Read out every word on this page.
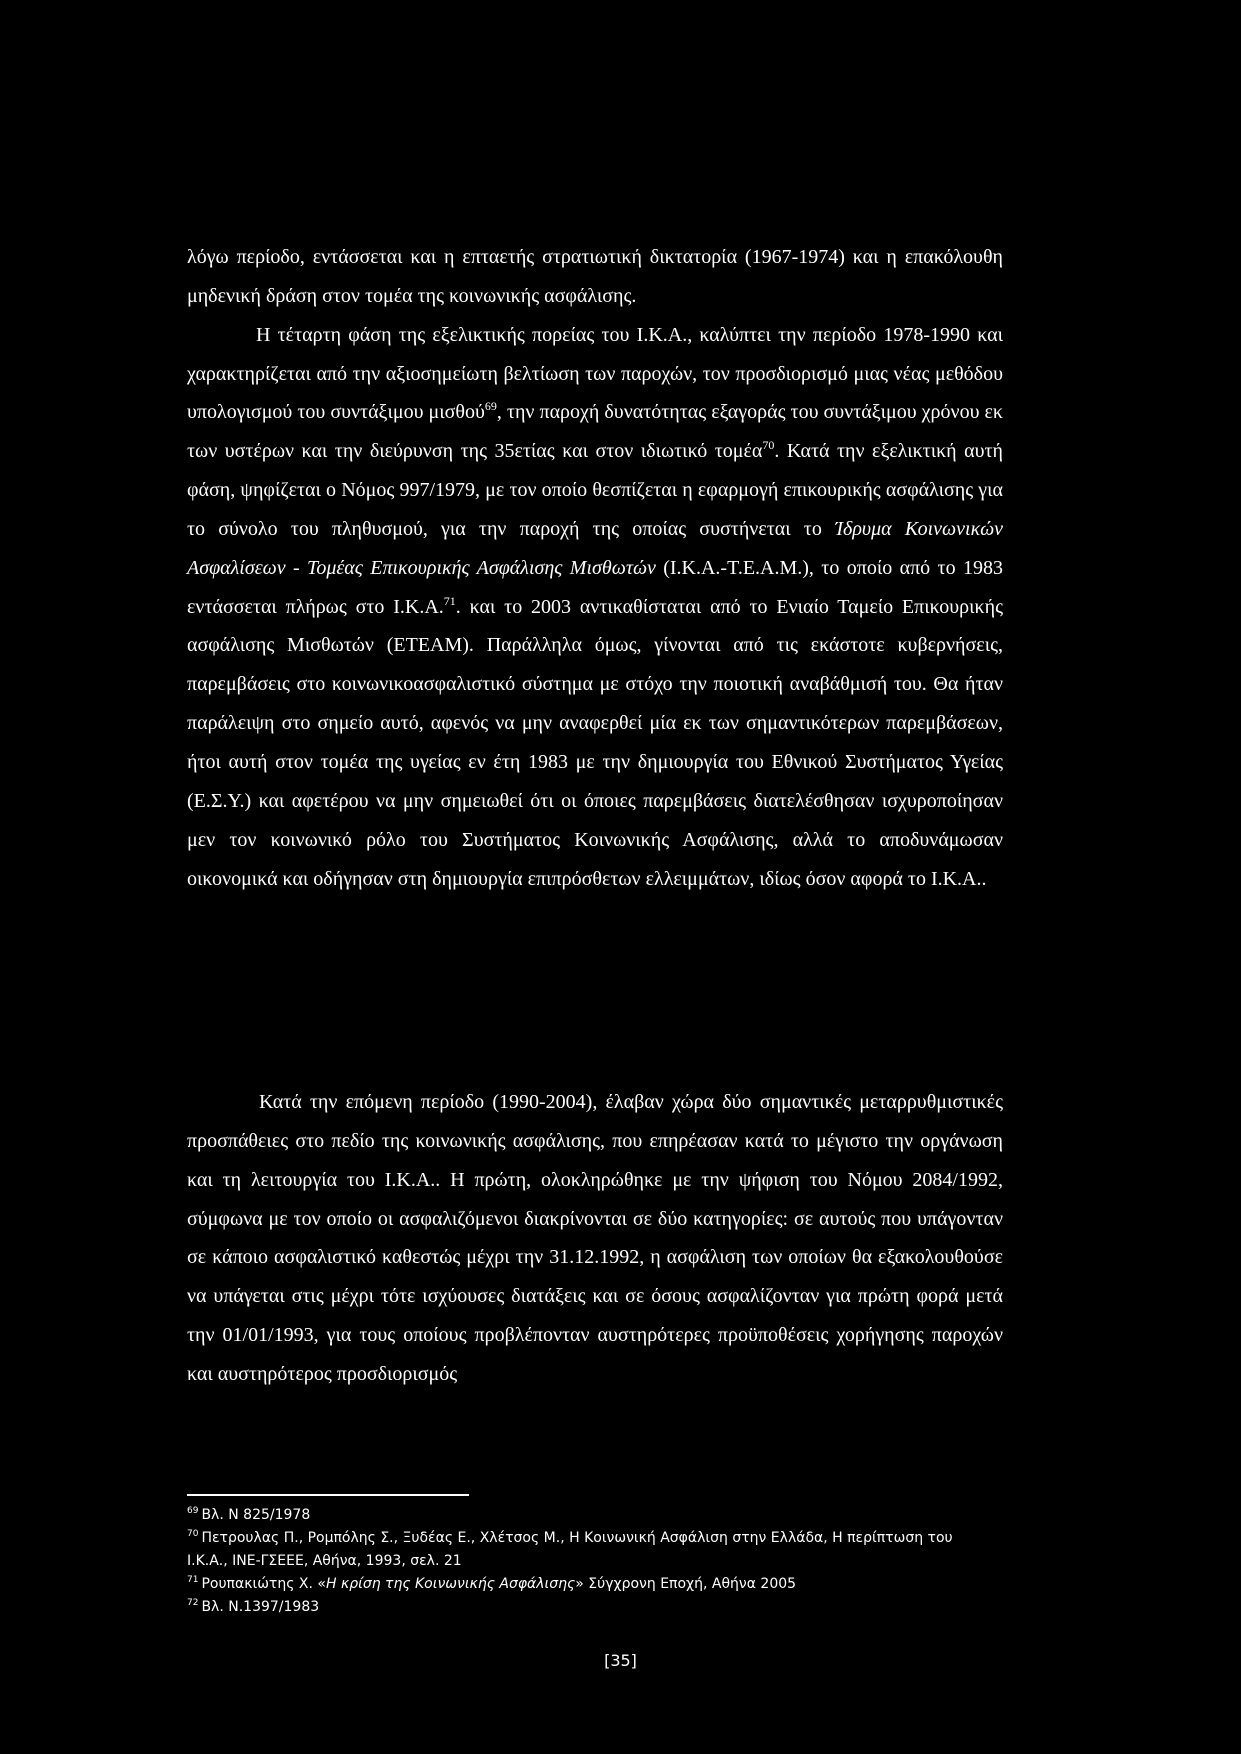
λόγω περίοδο, εντάσσεται και η επταετής στρατιωτική δικτατορία (1967-1974) και η επακόλουθη μηδενική δράση στον τομέα της κοινωνικής ασφάλισης.

Η τέταρτη φάση της εξελικτικής πορείας του Ι.Κ.Α., καλύπτει την περίοδο 1978-1990 και χαρακτηρίζεται από την αξιοσημείωτη βελτίωση των παροχών, τον προσδιορισμό μιας νέας μεθόδου υπολογισμού του συντάξιμου μισθού$^{69}$, την παροχή δυνατότητας εξαγοράς του συντάξιμου χρόνου εκ των υστέρων και την διεύρυνση της 35ετίας και στον ιδιωτικό τομέα$^{70}$. Κατά την εξελικτική αυτή φάση, ψηφίζεται ο Νόμος 997/1979, με τον οποίο θεσπίζεται η εφαρμογή επικουρικής ασφάλισης για το σύνολο του πληθυσμού, για την παροχή της οποίας συστήνεται το Ίδρυμα Κοινωνικών Ασφαλίσεων - Τομέας Επικουρικής Ασφάλισης Μισθωτών (Ι.Κ.Α.-Τ.Ε.Α.Μ.), το οποίο από το 1983 εντάσσεται πλήρως στο Ι.Κ.Α.$^{71}$. και το 2003 αντικαθίσταται από το Ενιαίο Ταμείο Επικουρικής ασφάλισης Μισθωτών (ΕΤΕΑΜ). Παράλληλα όμως, γίνονται από τις εκάστοτε κυβερνήσεις, παρεμβάσεις στο κοινωνικοασφαλιστικό σύστημα με στόχο την ποιοτική αναβάθμισή του. Θα ήταν παράλειψη στο σημείο αυτό, αφενός να μην αναφερθεί μία εκ των σημαντικότερων παρεμβάσεων, ήτοι αυτή στον τομέα της υγείας εν έτη 1983 με την δημιουργία του Εθνικού Συστήματος Υγείας (Ε.Σ.Υ.) και αφετέρου να μην σημειωθεί ότι οι όποιες παρεμβάσεις διατελέσθησαν ισχυροποίησαν μεν τον κοινωνικό ρόλο του Συστήματος Κοινωνικής Ασφάλισης, αλλά το αποδυνάμωσαν οικονομικά και οδήγησαν στη δημιουργία επιπρόσθετων ελλειμμάτων, ιδίως όσον αφορά το Ι.Κ.Α..

Κατά την επόμενη περίοδο (1990-2004), έλαβαν χώρα δύο σημαντικές μεταρρυθμιστικές προσπάθειες στο πεδίο της κοινωνικής ασφάλισης, που επηρέασαν κατά το μέγιστο την οργάνωση και τη λειτουργία του Ι.Κ.Α.. Η πρώτη, ολοκληρώθηκε με την ψήφιση του Νόμου 2084/1992, σύμφωνα με τον οποίο οι ασφαλιζόμενοι διακρίνονται σε δύο κατηγορίες: σε αυτούς που υπάγονταν σε κάποιο ασφαλιστικό καθεστώς μέχρι την 31.12.1992, η ασφάλιση των οποίων θα εξακολουθούσε να υπάγεται στις μέχρι τότε ισχύουσες διατάξεις και σε όσους ασφαλίζονταν για πρώτη φορά μετά την 01/01/1993, για τους οποίους προβλέπονταν αυστηρότερες προϋποθέσεις χορήγησης παροχών και αυστηρότερος προσδιορισμός

$^{69}$ Βλ. Ν 825/1978

$^{70}$ Πετρουλας Π., Ρομπόλης Σ., Ξυδέας Ε., Χλέτσος Μ., Η Κοινωνική Ασφάλιση στην Ελλάδα, Η περίπτωση του Ι.Κ.Α., ΙΝΕ-ΓΣΕΕΕ, Αθήνα, 1993, σελ. 21

$^{71}$ Ρουπακιώτης Χ. «Η κρίση της Κοινωνικής Ασφάλισης» Σύγχρονη Εποχή, Αθήνα 2005

$^{72}$ Βλ. Ν.1397/1983

[35]
